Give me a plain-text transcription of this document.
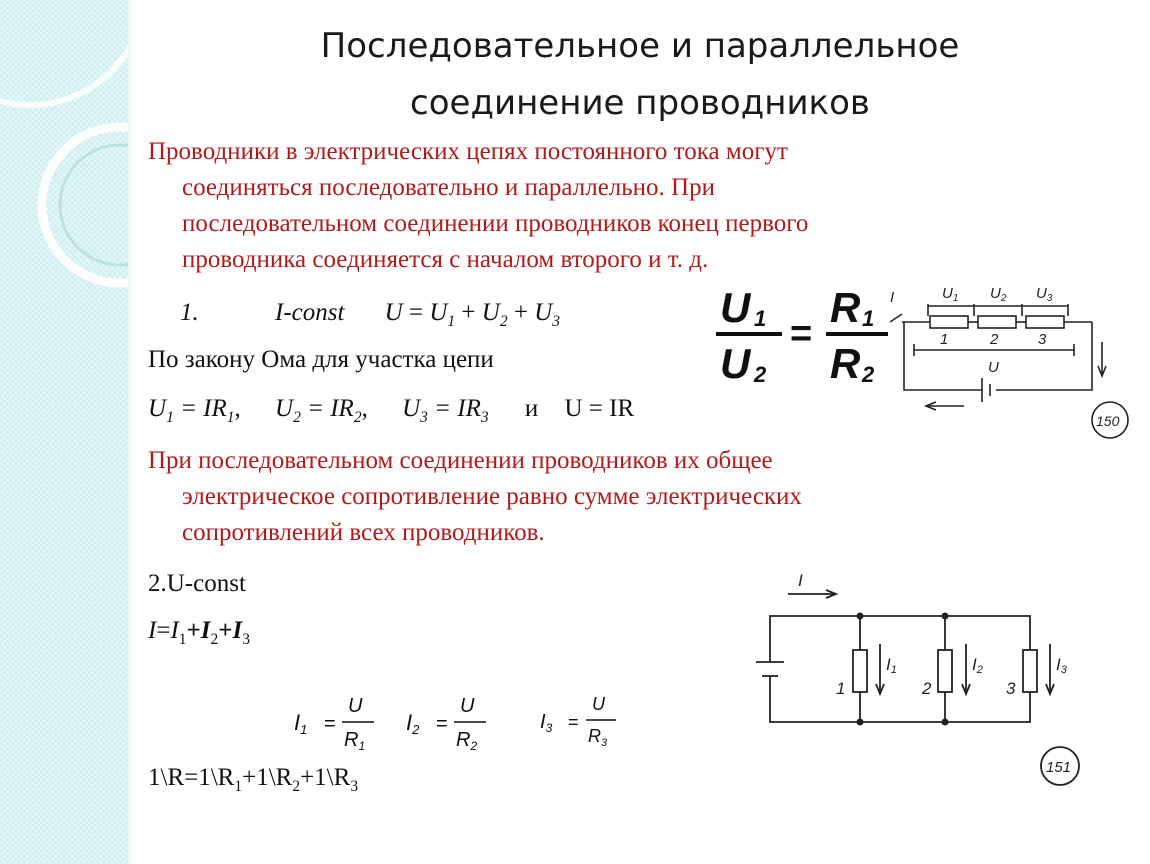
Последовательное и параллельное
соединение проводников
Проводники в электрических цепях постоянного тока могут
соединяться последовательно и параллельно. При
последовательном соединении проводников конец первого
проводника соединяется с началом второго и т. д.
1.	I-const $U = U_1 + U_2 + U_3$	U 1
U 2
=
R 1
R 2
I	$U_1$ $U_2$ $U_3$
1	2	3
U
150
По закону Ома для участка цепи
$U_1 = IR_1$, $U_2 = IR_2$, $U_3 = IR_3$ и U = IR
При последовательном соединении проводников их общее
электрическое сопротивление равно сумме электрических
сопротивлений всех проводников.
2.U-const
$I=I_1+I_2+I_3$
I1 =
U
$R_1$
I2 =
U
$R_2$
$I_3$ =
U
$R_3$
$1\backslash R=1\backslash R_1+1\backslash R_2+1\backslash R_3$
I
I1	I2	I3
1	2	3
151
